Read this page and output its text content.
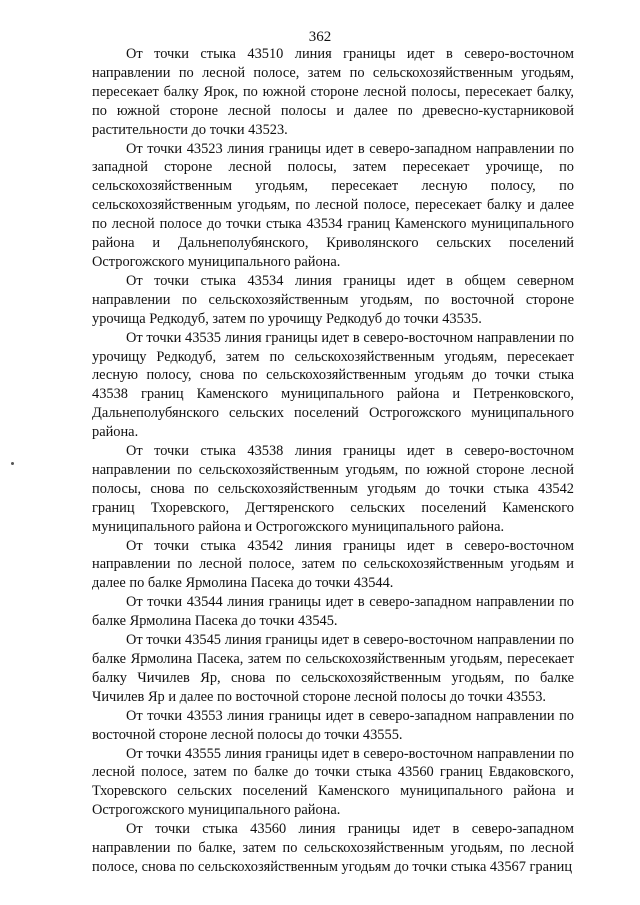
362

От точки стыка 43510 линия границы идет в северо-восточном направлении по лесной полосе, затем по сельскохозяйственным угодьям, пересекает балку Ярок, по южной стороне лесной полосы, пересекает балку, по южной стороне лесной полосы и далее по древесно-кустарниковой растительности до точки 43523.

От точки 43523 линия границы идет в северо-западном направлении по западной стороне лесной полосы, затем пересекает урочище, по сельскохозяйственным угодьям, пересекает лесную полосу, по сельскохозяйственным угодьям, по лесной полосе, пересекает балку и далее по лесной полосе до точки стыка 43534 границ Каменского муниципального района и Дальнеполубянского, Криволянского сельских поселений Острогожского муниципального района.

От точки стыка 43534 линия границы идет в общем северном направлении по сельскохозяйственным угодьям, по восточной стороне урочища Редкодуб, затем по урочищу Редкодуб до точки 43535.

От точки 43535 линия границы идет в северо-восточном направлении по урочищу Редкодуб, затем по сельскохозяйственным угодьям, пересекает лесную полосу, снова по сельскохозяйственным угодьям до точки стыка 43538 границ Каменского муниципального района и Петренковского, Дальнеполубянского сельских поселений Острогожского муниципального района.

От точки стыка 43538 линия границы идет в северо-восточном направлении по сельскохозяйственным угодьям, по южной стороне лесной полосы, снова по сельскохозяйственным угодьям до точки стыка 43542 границ Тхоревского, Дегтяренского сельских поселений Каменского муниципального района и Острогожского муниципального района.

От точки стыка 43542 линия границы идет в северо-восточном направлении по лесной полосе, затем по сельскохозяйственным угодьям и далее по балке Ярмолина Пасека до точки 43544.

От точки 43544 линия границы идет в северо-западном направлении по балке Ярмолина Пасека до точки 43545.

От точки 43545 линия границы идет в северо-восточном направлении по балке Ярмолина Пасека, затем по сельскохозяйственным угодьям, пересекает балку Чичилев Яр, снова по сельскохозяйственным угодьям, по балке Чичилев Яр и далее по восточной стороне лесной полосы до точки 43553.

От точки 43553 линия границы идет в северо-западном направлении по восточной стороне лесной полосы до точки 43555.

От точки 43555 линия границы идет в северо-восточном направлении по лесной полосе, затем по балке до точки стыка 43560 границ Евдаковского, Тхоревского сельских поселений Каменского муниципального района и Острогожского муниципального района.

От точки стыка 43560 линия границы идет в северо-западном направлении по балке, затем по сельскохозяйственным угодьям, по лесной полосе, снова по сельскохозяйственным угодьям до точки стыка 43567 границ
